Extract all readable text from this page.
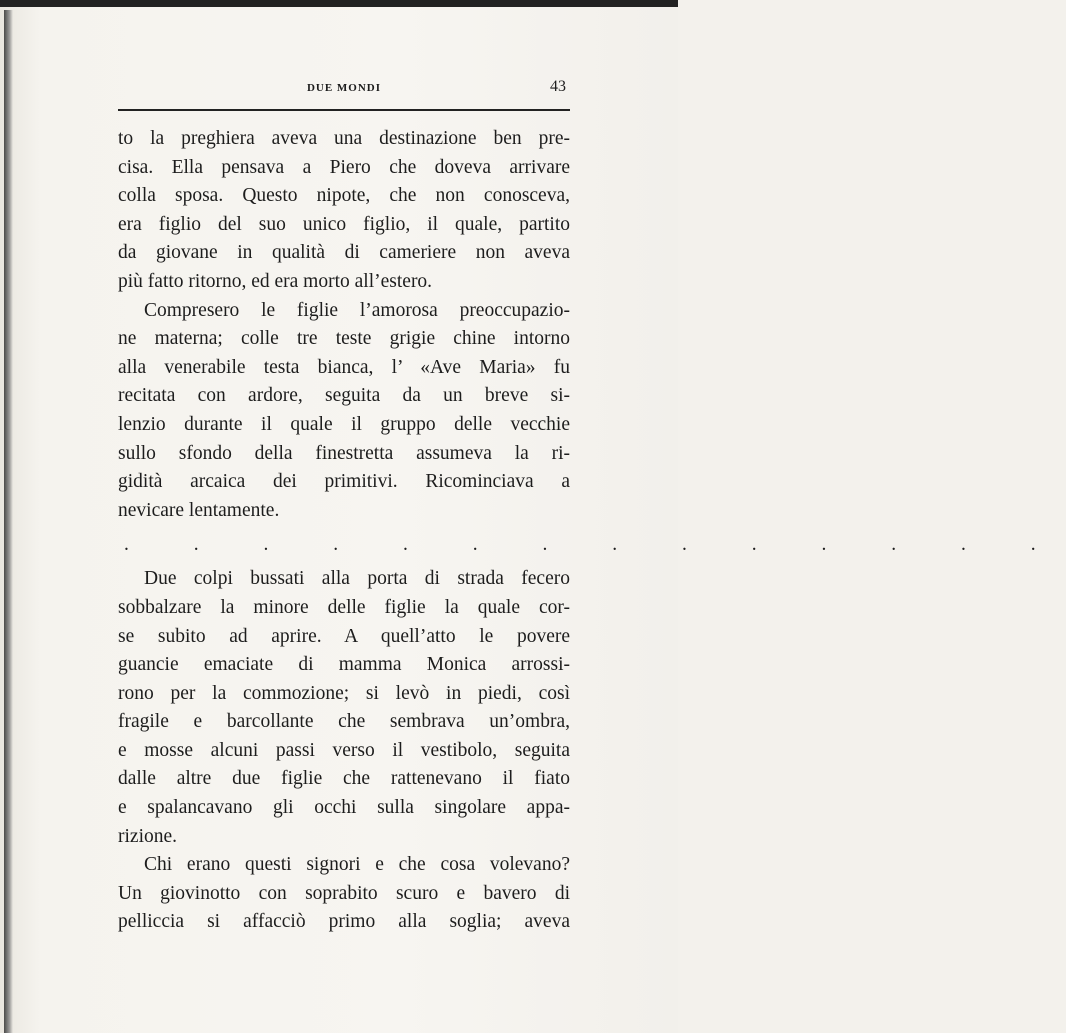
DUE MONDI	43
to la preghiera aveva una destinazione ben pre-
cisa. Ella pensava a Piero che doveva arrivare
colla sposa. Questo nipote, che non conosceva,
era figlio del suo unico figlio, il quale, partito
da giovane in qualità di cameriere non aveva
più fatto ritorno, ed era morto all’estero.
Compresero le figlie l’amorosa preoccupazio-
ne materna; colle tre teste grigie chine intorno
alla venerabile testa bianca, l’ «Ave Maria» fu
recitata con ardore, seguita da un breve si-
lenzio durante il quale il gruppo delle vecchie
sullo sfondo della finestretta assumeva la ri-
gidità arcaica dei primitivi. Ricominciava a
nevicare lentamente.
. . . . . . . . . . . . . .
Due colpi bussati alla porta di strada fecero
sobbalzare la minore delle figlie la quale cor-
se subito ad aprire. A quell’atto le povere
guancie emaciate di mamma Monica arrossi-
rono per la commozione; si levò in piedi, così
fragile e barcollante che sembrava un’ombra,
e mosse alcuni passi verso il vestibolo, seguita
dalle altre due figlie che rattenevano il fiato
e spalancavano gli occhi sulla singolare appa-
rizione.
Chi erano questi signori e che cosa volevano?
Un giovinotto con soprabito scuro e bavero di
pelliccia si affacciò primo alla soglia; aveva
